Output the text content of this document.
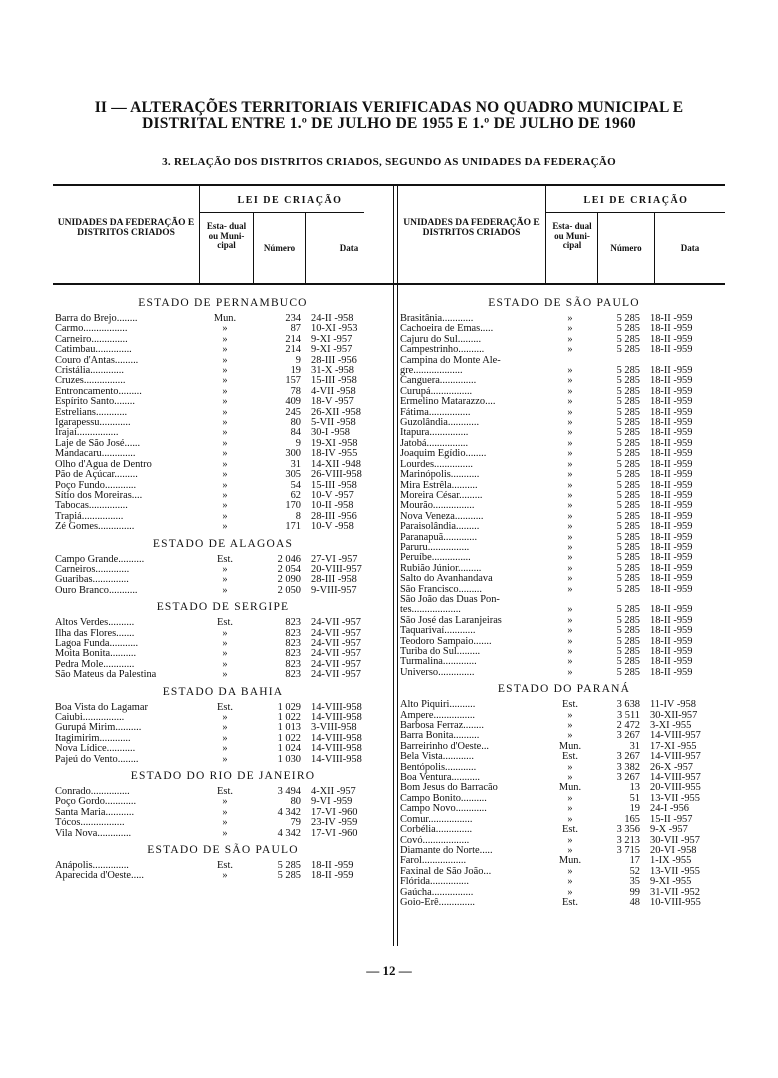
II — ALTERAÇÕES TERRITORIAIS VERIFICADAS NO QUADRO MUNICIPAL E DISTRITAL ENTRE 1.º DE JULHO DE 1955 E 1.º DE JULHO DE 1960
3. RELAÇÃO DOS DISTRITOS CRIADOS, SEGUNDO AS UNIDADES DA FEDERAÇÃO
UNIDADES DA FEDERAÇÃO E DISTRITOS CRIADOS
LEI DE CRIAÇÃO
Esta- dual ou Muni- cipal	Número	Data
UNIDADES DA FEDERAÇÃO E DISTRITOS CRIADOS
LEI DE CRIAÇÃO
Esta- dual ou Muni- cipal	Número	Data
ESTADO DE PERNAMBUCO
Barra do Brejo........	Mun.	234 24-II -958
Carmo.................	»	87 10-XI -953
Carneiro..............	»	214 9-XI -957
Catimbau..............	»	214 9-XI -957
Couro d'Antas.........	»	9 28-III -956
Cristália.............	»	19 31-X -958
Cruzes................	»	157 15-III -958
Entroncamento.........	»	78 4-VII -958
Espírito Santo........	»	409 18-V -957
Estrelians............	»	245 26-XII -958
Igarapessu............	»	80 5-VII -958
Irajaí................	»	84 30-I -958
Laje de São José......	»	9 19-XI -958
Mandacaru.............	»	300 18-IV -955
Ôlho d'Água de Dentro	»	31 14-XII -948
Pão de Açúcar.........	»	305 26-VIII-958
Poço Fundo............	»	54 15-III -958
Sítio dos Moreiras....	»	62 10-V -957
Tabocas...............	»	170 10-II -958
Trapiá................	»	8 28-III -956
Zé Gomes..............	»	171 10-V -958
ESTADO DE ALAGOAS
Campo Grande..........	Est.	2 046 27-VI -957
Carneiros.............	»	2 054 20-VIII-957
Guaribas..............	»	2 090 28-III -958
Ouro Branco...........	»	2 050 9-VIII-957
ESTADO DE SERGIPE
Altos Verdes..........	Est.	823 24-VII -957
Ilha das Flores.......	»	823 24-VII -957
Lagoa Funda...........	»	823 24-VII -957
Moita Bonita..........	»	823 24-VII -957
Pedra Mole............	»	823 24-VII -957
São Mateus da Palestina	»	823 24-VII -957
ESTADO DA BAHIA
Boa Vista do Lagamar	Est.	1 029 14-VIII-958
Caiubi................	»	1 022 14-VIII-958
Gurupá Mirim..........	»	1 013 3-VIII-958
Itagimirim............	»	1 022 14-VIII-958
Nova Lídice...........	»	1 024 14-VIII-958
Pajeú do Vento........	»	1 030 14-VIII-958
ESTADO DO RIO DE JANEIRO
Conrado...............	Est.	3 494 4-XII -957
Poço Gordo............	»	80 9-VI -959
Santa Maria...........	»	4 342 17-VI -960
Tócos.................	»	79 23-IV -959
Vila Nova.............	»	4 342 17-VI -960
ESTADO DE SÃO PAULO
Anápolis..............	Est.	5 285 18-II -959
Aparecida d'Oeste.....	»	5 285 18-II -959
ESTADO DE SÃO PAULO
Brasitânia............	»	5 285 18-II -959
Cachoeira de Emas.....	»	5 285 18-II -959
Cajuru do Sul.........	»	5 285 18-II -959
Campestrinho..........	»	5 285 18-II -959
Campina do Monte Ale-
gre...................	»	5 285 18-II -959
Canguera..............	»	5 285 18-II -959
Curupá................	»	5 285 18-II -959
Ermelino Matarazzo....	»	5 285 18-II -959
Fátima................	»	5 285 18-II -959
Guzolândia............	»	5 285 18-II -959
Itapura...............	»	5 285 18-II -959
Jatobá................	»	5 285 18-II -959
Joaquim Egídio........	»	5 285 18-II -959
Lourdes...............	»	5 285 18-II -959
Marinópolis...........	»	5 285 18-II -959
Mira Estrêla..........	»	5 285 18-II -959
Moreira César.........	»	5 285 18-II -959
Mourão................	»	5 285 18-II -959
Nova Veneza...........	»	5 285 18-II -959
Paraisolândia.........	»	5 285 18-II -959
Paranapuã.............	»	5 285 18-II -959
Paruru................	»	5 285 18-II -959
Peruíbe...............	»	5 285 18-II -959
Rubião Júnior.........	»	5 285 18-II -959
Salto do Avanhandava	»	5 285 18-II -959
São Francisco.........	»	5 285 18-II -959
São João das Duas Pon-
tes...................	»	5 285 18-II -959
São José das Laranjeiras	»	5 285 18-II -959
Taquarivaí............	»	5 285 18-II -959
Teodoro Sampaio.......	»	5 285 18-II -959
Turiba do Sul.........	»	5 285 18-II -959
Turmalina.............	»	5 285 18-II -959
Universo..............	»	5 285 18-II -959
ESTADO DO PARANÁ
Alto Piquiri..........	Est.	3 638 11-IV -958
Ampere................	»	3 511 30-XII-957
Barbosa Ferraz........	»	2 472 3-XI -955
Barra Bonita..........	»	3 267 14-VIII-957
Barreirinho d'Oeste...	Mun.	31 17-XI -955
Bela Vista............	Est.	3 267 14-VIII-957
Bentópolis............	»	3 382 26-X -957
Boa Ventura...........	»	3 267 14-VIII-957
Bom Jesus do Barracão	Mun.	13 20-VIII-955
Campo Bonito..........	»	51 13-VII -955
Campo Novo............	»	19 24-I -956
Comur.................	»	165 15-II -957
Corbélia..............	Est.	3 356 9-X -957
Covó..................	»	3 213 30-VII -957
Diamante do Norte.....	»	3 715 20-VI -958
Farol.................	Mun.	17 1-IX -955
Faxinal de São João...	»	52 13-VII -955
Flórida...............	»	35 9-XI -955
Gaúcha................	»	99 31-VII -952
Goio-Erê..............	Est.	48 10-VIII-955
— 12 —
